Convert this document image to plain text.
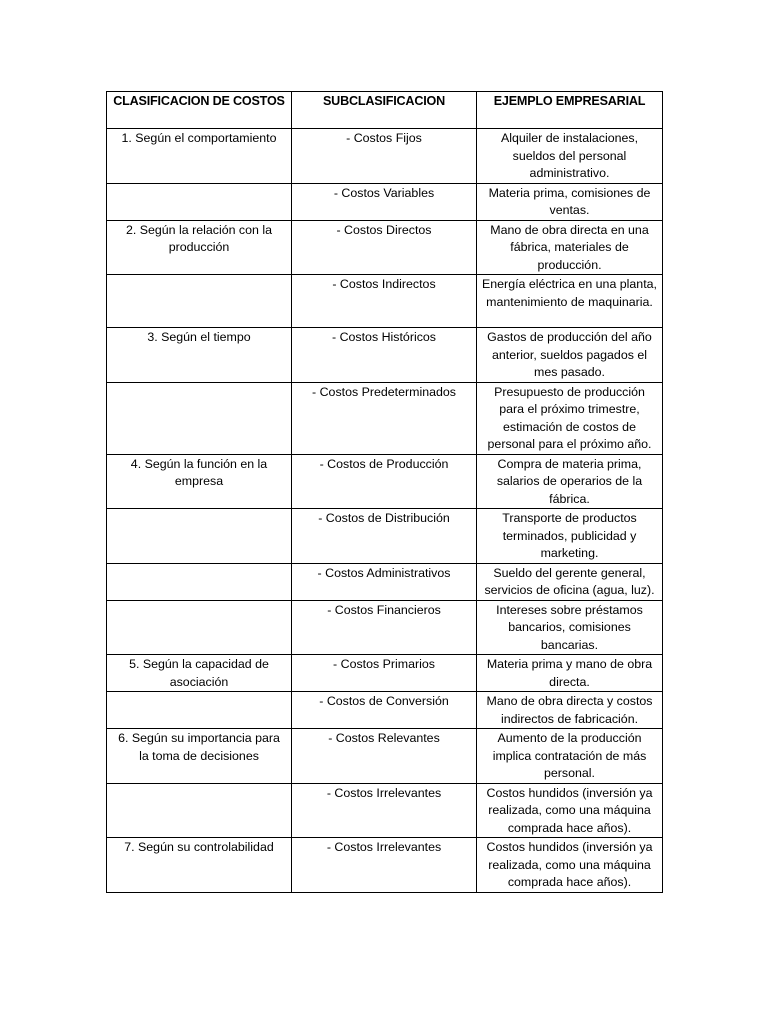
CLASIFICACION DE COSTOS	SUBCLASIFICACION	EJEMPLO EMPRESARIAL
1. Según el comportamiento	- Costos Fijos	Alquiler de instalaciones, sueldos del personal administrativo.
	- Costos Variables	Materia prima, comisiones de ventas.
2. Según la relación con la producción	- Costos Directos	Mano de obra directa en una fábrica, materiales de producción.
	- Costos Indirectos	Energía eléctrica en una planta, mantenimiento de maquinaria.
3. Según el tiempo	- Costos Históricos	Gastos de producción del año anterior, sueldos pagados el mes pasado.
	- Costos Predeterminados	Presupuesto de producción para el próximo trimestre, estimación de costos de personal para el próximo año.
4. Según la función en la empresa	- Costos de Producción	Compra de materia prima, salarios de operarios de la fábrica.
	- Costos de Distribución	Transporte de productos terminados, publicidad y marketing.
	- Costos Administrativos	Sueldo del gerente general, servicios de oficina (agua, luz).
	- Costos Financieros	Intereses sobre préstamos bancarios, comisiones bancarias.
5. Según la capacidad de asociación	- Costos Primarios	Materia prima y mano de obra directa.
	- Costos de Conversión	Mano de obra directa y costos indirectos de fabricación.
6. Según su importancia para la toma de decisiones	- Costos Relevantes	Aumento de la producción implica contratación de más personal.
	- Costos Irrelevantes	Costos hundidos (inversión ya realizada, como una máquina comprada hace años).
7. Según su controlabilidad	- Costos Irrelevantes	Costos hundidos (inversión ya realizada, como una máquina comprada hace años).
